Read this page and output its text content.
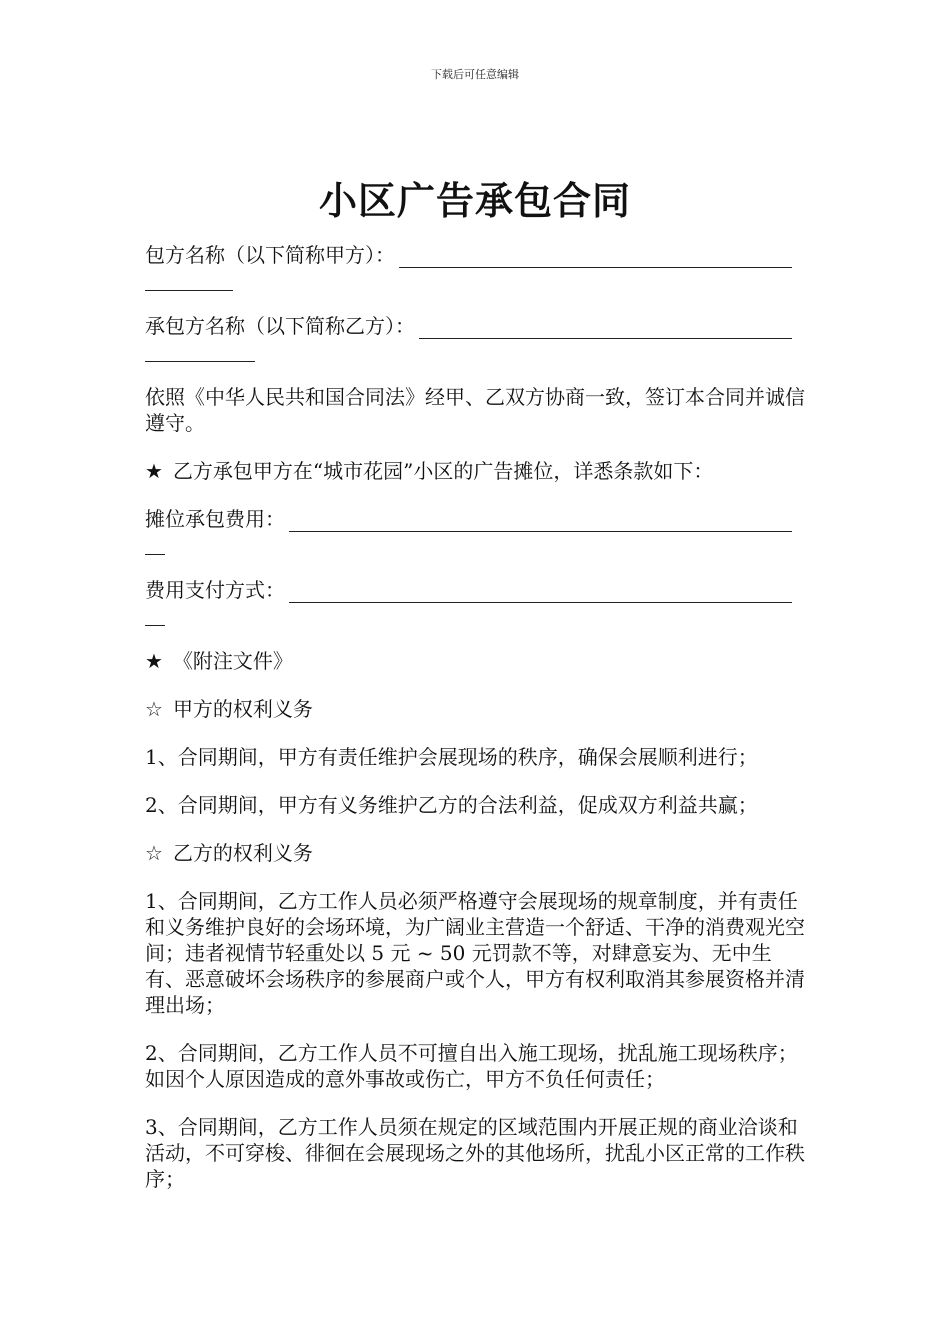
下载后可任意编辑
小区广告承包合同
包方名称（以下简称甲方）：
承包方名称（以下简称乙方）：

依照《中华人民共和国合同法》经甲、乙双方协商一致，签订本合同并诚信遵守。

★ 乙方承包甲方在“城市花园”小区的广告摊位，详悉条款如下：

摊位承包费用：
费用支付方式：

★ 《附注文件》

☆ 甲方的权利义务

1、合同期间，甲方有责任维护会展现场的秩序，确保会展顺利进行；

2、合同期间，甲方有义务维护乙方的合法利益，促成双方利益共赢；

☆ 乙方的权利义务

1、合同期间，乙方工作人员必须严格遵守会展现场的规章制度，并有责任和义务维护良好的会场环境，为广阔业主营造一个舒适、干净的消费观光空间；违者视情节轻重处以 5 元 ~ 50 元罚款不等，对肆意妄为、无中生有、恶意破坏会场秩序的参展商户或个人，甲方有权利取消其参展资格并清理出场；

2、合同期间，乙方工作人员不可擅自出入施工现场，扰乱施工现场秩序；如因个人原因造成的意外事故或伤亡，甲方不负任何责任；

3、合同期间，乙方工作人员须在规定的区域范围内开展正规的商业洽谈和活动，不可穿梭、徘徊在会展现场之外的其他场所，扰乱小区正常的工作秩序；
